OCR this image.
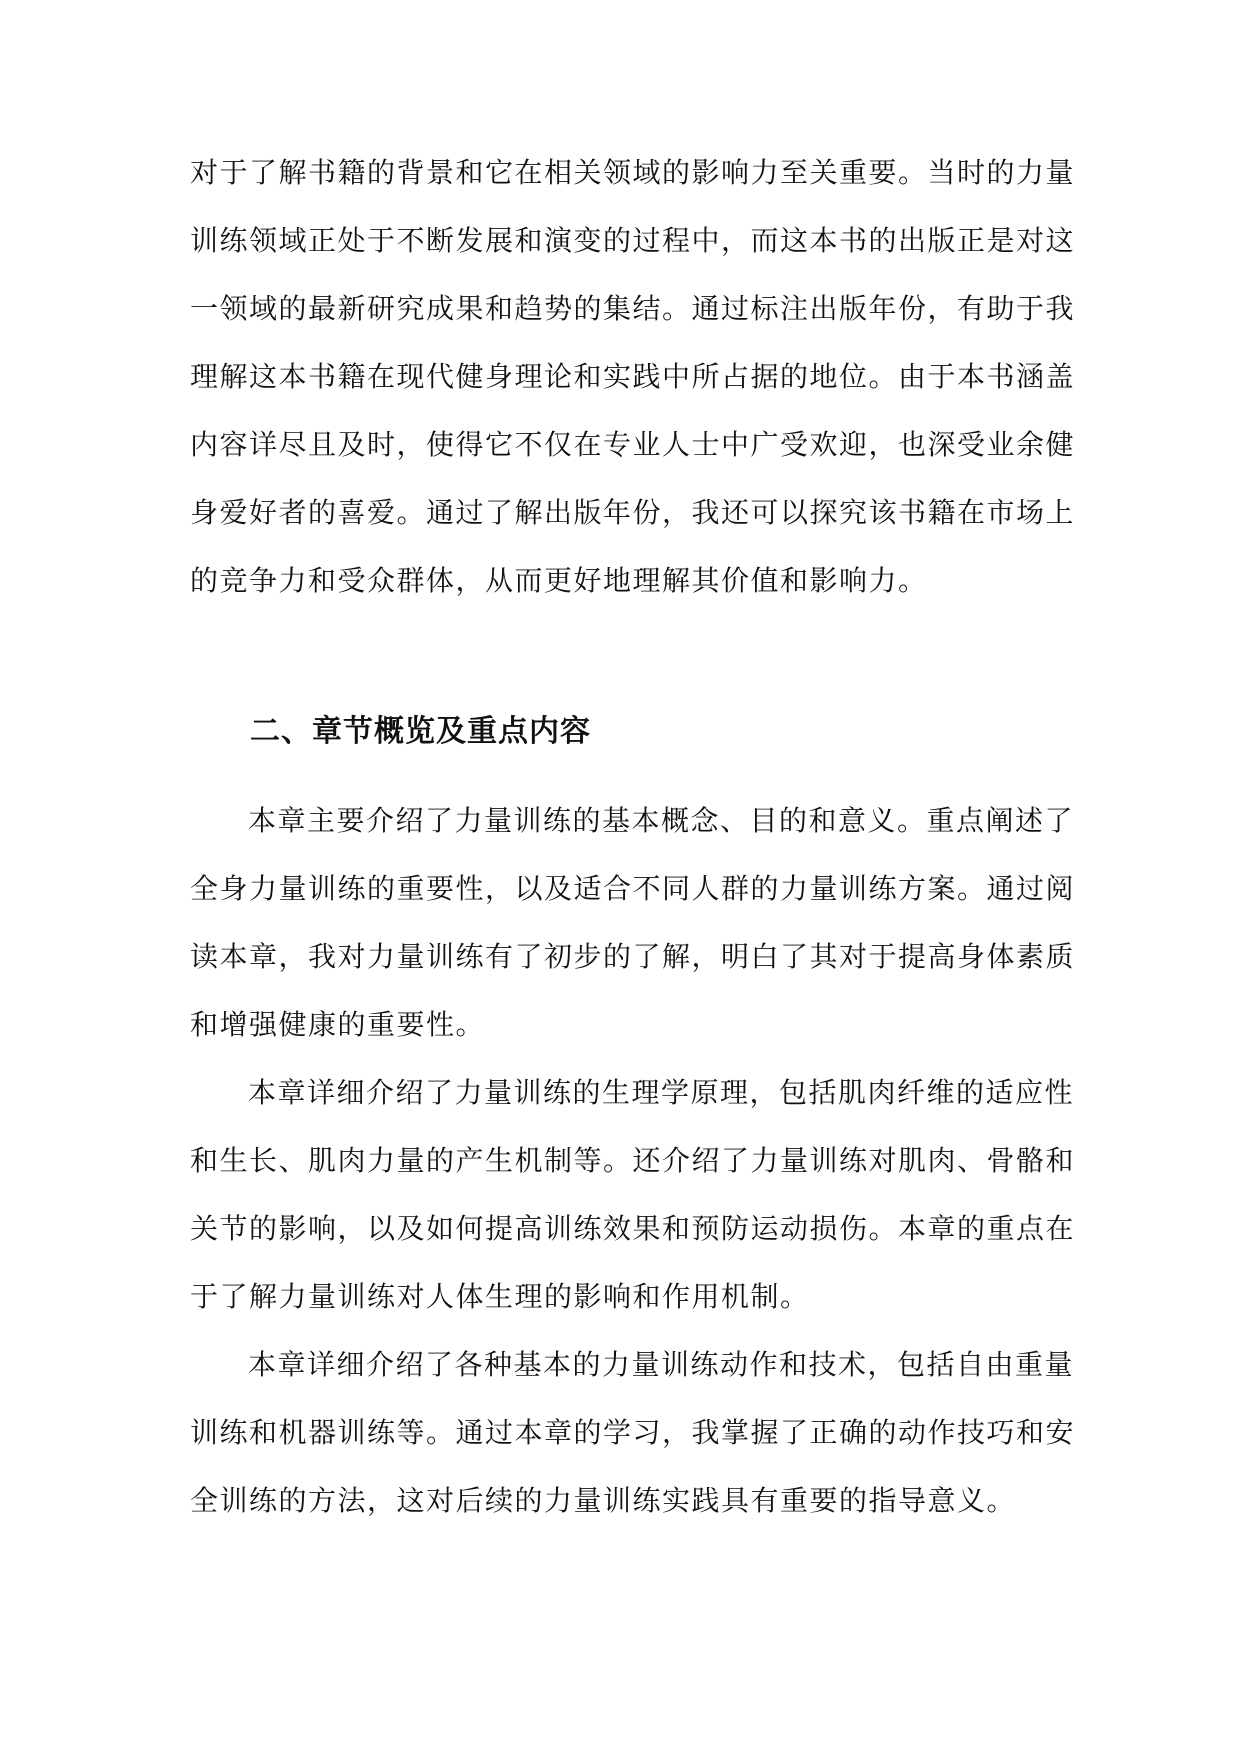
对于了解书籍的背景和它在相关领域的影响力至关重要。当时的力量
训练领域正处于不断发展和演变的过程中，而这本书的出版正是对这
一领域的最新研究成果和趋势的集结。通过标注出版年份，有助于我
理解这本书籍在现代健身理论和实践中所占据的地位。由于本书涵盖
内容详尽且及时，使得它不仅在专业人士中广受欢迎，也深受业余健
身爱好者的喜爱。通过了解出版年份，我还可以探究该书籍在市场上
的竞争力和受众群体，从而更好地理解其价值和影响力。
二、章节概览及重点内容
本章主要介绍了力量训练的基本概念、目的和意义。重点阐述了
全身力量训练的重要性，以及适合不同人群的力量训练方案。通过阅
读本章，我对力量训练有了初步的了解，明白了其对于提高身体素质
和增强健康的重要性。
本章详细介绍了力量训练的生理学原理，包括肌肉纤维的适应性
和生长、肌肉力量的产生机制等。还介绍了力量训练对肌肉、骨骼和
关节的影响，以及如何提高训练效果和预防运动损伤。本章的重点在
于了解力量训练对人体生理的影响和作用机制。
本章详细介绍了各种基本的力量训练动作和技术，包括自由重量
训练和机器训练等。通过本章的学习，我掌握了正确的动作技巧和安
全训练的方法，这对后续的力量训练实践具有重要的指导意义。
